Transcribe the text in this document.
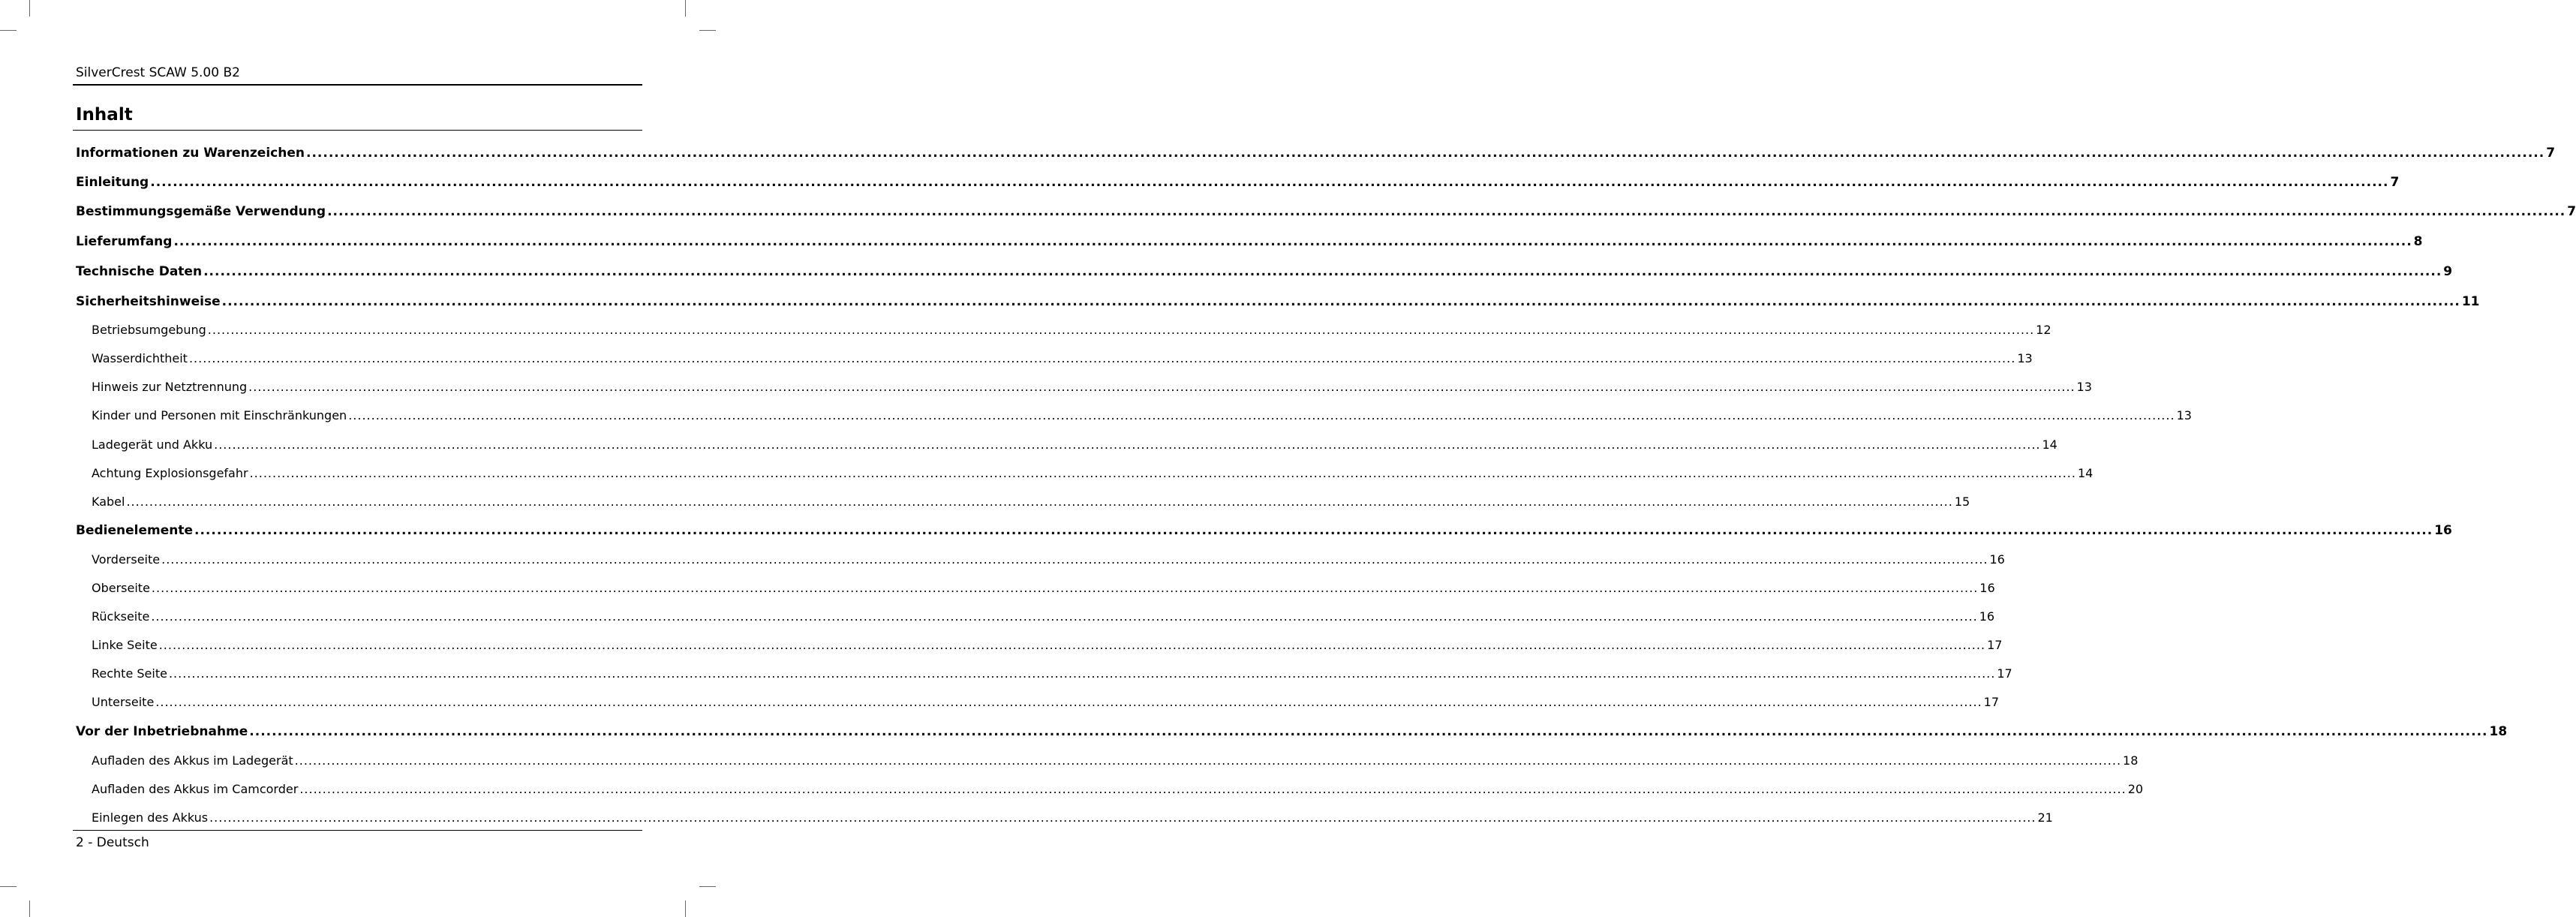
SilverCrest SCAW 5.00 B2
Inhalt
Informationen zu Warenzeichen ................................................................................................................................................................................................................................................................................................................................................................................................................ 7
Einleitung ................................................................................................................................................................................................................................................................................................................................................................................................................ 7
Bestimmungsgemäße Verwendung ................................................................................................................................................................................................................................................................................................................................................................................................................ 7
Lieferumfang ................................................................................................................................................................................................................................................................................................................................................................................................................ 8
Technische Daten ................................................................................................................................................................................................................................................................................................................................................................................................................ 9
Sicherheitshinweise ................................................................................................................................................................................................................................................................................................................................................................................................................ 11
Betriebsumgebung ................................................................................................................................................................................................................................................................................................................................................................................................................ 12
Wasserdichtheit ................................................................................................................................................................................................................................................................................................................................................................................................................ 13
Hinweis zur Netztrennung ................................................................................................................................................................................................................................................................................................................................................................................................................ 13
Kinder und Personen mit Einschränkungen ................................................................................................................................................................................................................................................................................................................................................................................................................ 13
Ladegerät und Akku ................................................................................................................................................................................................................................................................................................................................................................................................................ 14
Achtung Explosionsgefahr ................................................................................................................................................................................................................................................................................................................................................................................................................ 14
Kabel ................................................................................................................................................................................................................................................................................................................................................................................................................ 15
Bedienelemente ................................................................................................................................................................................................................................................................................................................................................................................................................ 16
Vorderseite ................................................................................................................................................................................................................................................................................................................................................................................................................ 16
Oberseite ................................................................................................................................................................................................................................................................................................................................................................................................................ 16
Rückseite ................................................................................................................................................................................................................................................................................................................................................................................................................ 16
Linke Seite ................................................................................................................................................................................................................................................................................................................................................................................................................ 17
Rechte Seite ................................................................................................................................................................................................................................................................................................................................................................................................................ 17
Unterseite ................................................................................................................................................................................................................................................................................................................................................................................................................ 17
Vor der Inbetriebnahme ................................................................................................................................................................................................................................................................................................................................................................................................................ 18
Aufladen des Akkus im Ladegerät ................................................................................................................................................................................................................................................................................................................................................................................................................ 18
Aufladen des Akkus im Camcorder ................................................................................................................................................................................................................................................................................................................................................................................................................ 20
Einlegen des Akkus ................................................................................................................................................................................................................................................................................................................................................................................................................ 21
2 - Deutsch
